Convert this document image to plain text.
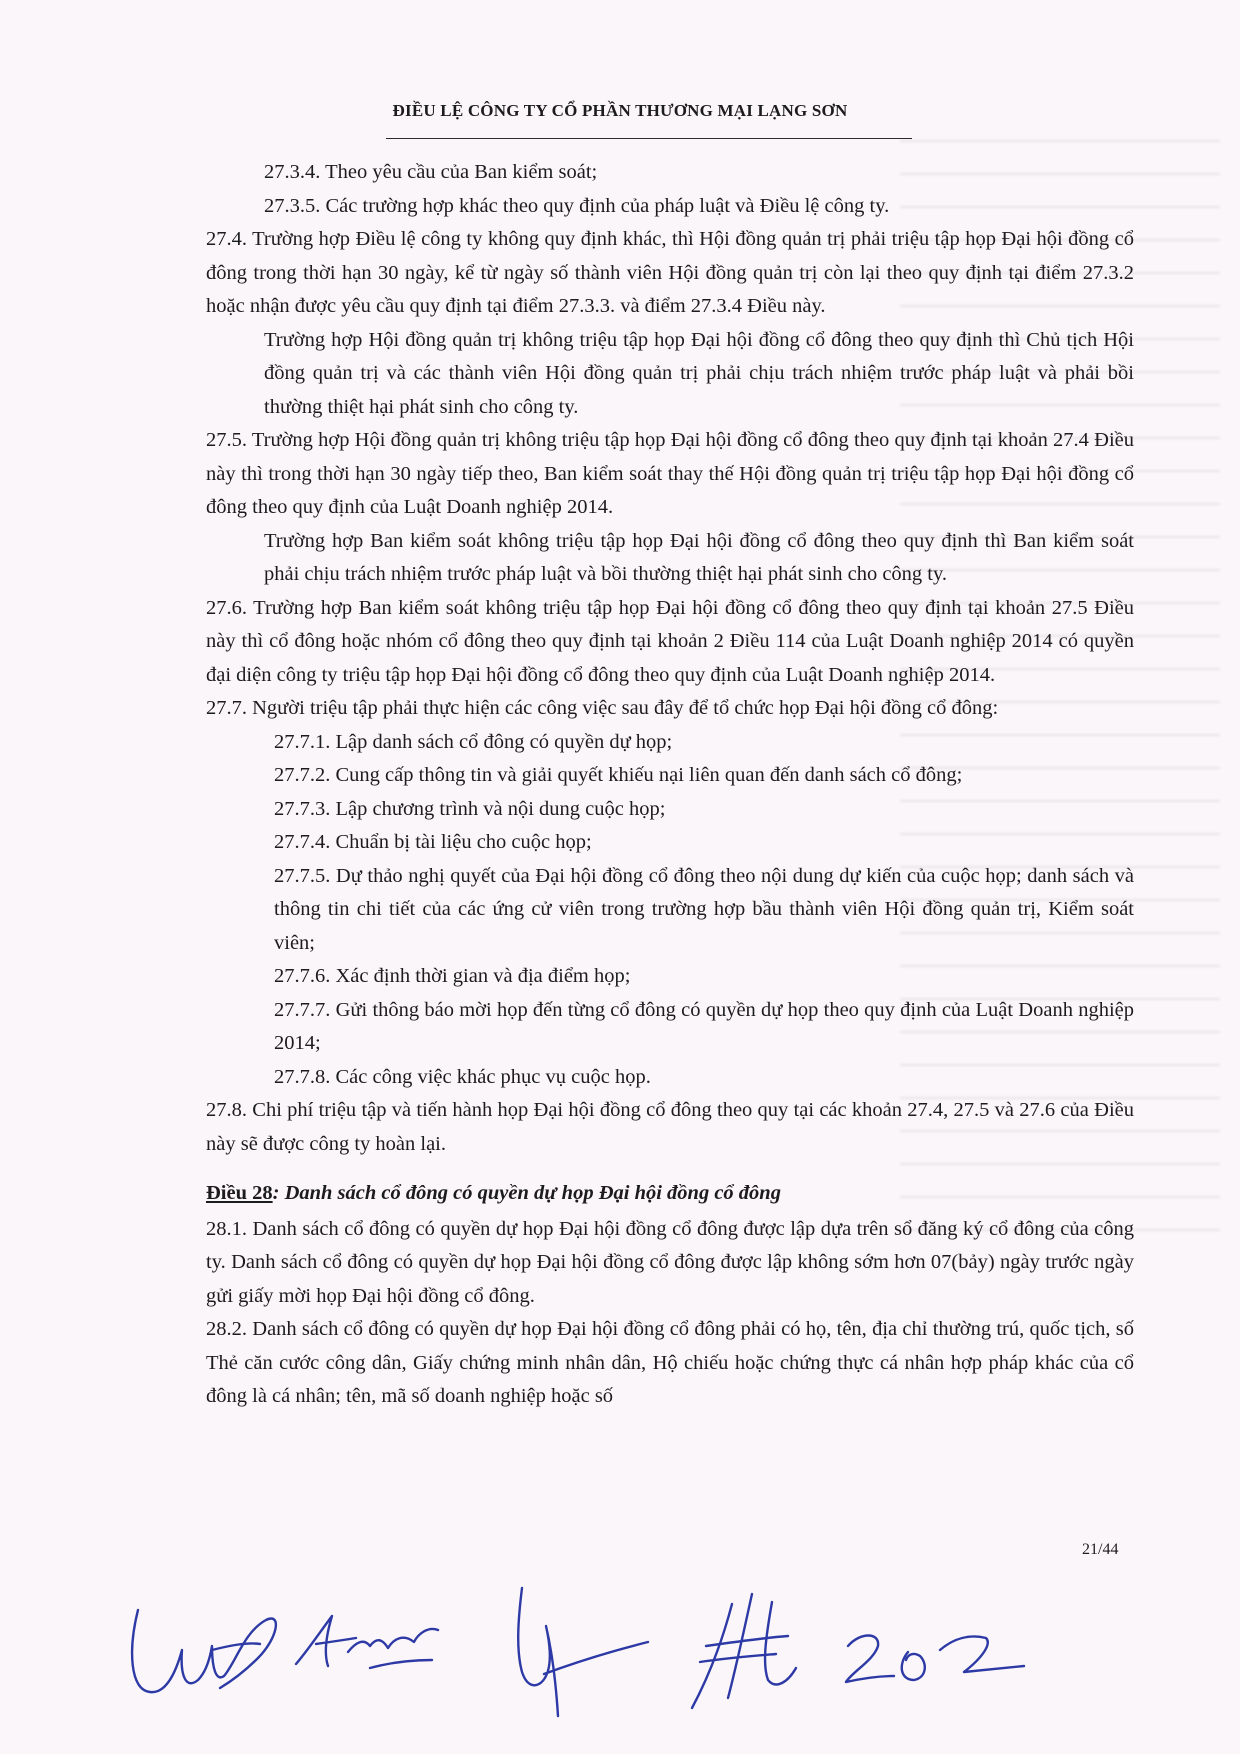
ĐIỀU LỆ CÔNG TY CỔ PHẦN THƯƠNG MẠI LẠNG SƠN

27.3.4. Theo yêu cầu của Ban kiểm soát;

27.3.5. Các trường hợp khác theo quy định của pháp luật và Điều lệ công ty.

27.4. Trường hợp Điều lệ công ty không quy định khác, thì Hội đồng quản trị phải triệu tập họp Đại hội đồng cổ đông trong thời hạn 30 ngày, kể từ ngày số thành viên Hội đồng quản trị còn lại theo quy định tại điểm 27.3.2 hoặc nhận được yêu cầu quy định tại điểm 27.3.3. và điểm 27.3.4 Điều này.

Trường hợp Hội đồng quản trị không triệu tập họp Đại hội đồng cổ đông theo quy định thì Chủ tịch Hội đồng quản trị và các thành viên Hội đồng quản trị phải chịu trách nhiệm trước pháp luật và phải bồi thường thiệt hại phát sinh cho công ty.

27.5. Trường hợp Hội đồng quản trị không triệu tập họp Đại hội đồng cổ đông theo quy định tại khoản 27.4 Điều này thì trong thời hạn 30 ngày tiếp theo, Ban kiểm soát thay thế Hội đồng quản trị triệu tập họp Đại hội đồng cổ đông theo quy định của Luật Doanh nghiệp 2014.

Trường hợp Ban kiểm soát không triệu tập họp Đại hội đồng cổ đông theo quy định thì Ban kiểm soát phải chịu trách nhiệm trước pháp luật và bồi thường thiệt hại phát sinh cho công ty.

27.6. Trường hợp Ban kiểm soát không triệu tập họp Đại hội đồng cổ đông theo quy định tại khoản 27.5 Điều này thì cổ đông hoặc nhóm cổ đông theo quy định tại khoản 2 Điều 114 của Luật Doanh nghiệp 2014 có quyền đại diện công ty triệu tập họp Đại hội đồng cổ đông theo quy định của Luật Doanh nghiệp 2014.

27.7. Người triệu tập phải thực hiện các công việc sau đây để tổ chức họp Đại hội đồng cổ đông:

27.7.1. Lập danh sách cổ đông có quyền dự họp;

27.7.2. Cung cấp thông tin và giải quyết khiếu nại liên quan đến danh sách cổ đông;

27.7.3. Lập chương trình và nội dung cuộc họp;

27.7.4. Chuẩn bị tài liệu cho cuộc họp;

27.7.5. Dự thảo nghị quyết của Đại hội đồng cổ đông theo nội dung dự kiến của cuộc họp; danh sách và thông tin chi tiết của các ứng cử viên trong trường hợp bầu thành viên Hội đồng quản trị, Kiểm soát viên;

27.7.6. Xác định thời gian và địa điểm họp;

27.7.7. Gửi thông báo mời họp đến từng cổ đông có quyền dự họp theo quy định của Luật Doanh nghiệp 2014;

27.7.8. Các công việc khác phục vụ cuộc họp.

27.8. Chi phí triệu tập và tiến hành họp Đại hội đồng cổ đông theo quy tại các khoản 27.4, 27.5 và 27.6 của Điều này sẽ được công ty hoàn lại.

Điều 28: Danh sách cổ đông có quyền dự họp Đại hội đồng cổ đông

28.1. Danh sách cổ đông có quyền dự họp Đại hội đồng cổ đông được lập dựa trên sổ đăng ký cổ đông của công ty. Danh sách cổ đông có quyền dự họp Đại hội đồng cổ đông được lập không sớm hơn 07(bảy) ngày trước ngày gửi giấy mời họp Đại hội đồng cổ đông.

28.2. Danh sách cổ đông có quyền dự họp Đại hội đồng cổ đông phải có họ, tên, địa chỉ thường trú, quốc tịch, số Thẻ căn cước công dân, Giấy chứng minh nhân dân, Hộ chiếu hoặc chứng thực cá nhân hợp pháp khác của cổ đông là cá nhân; tên, mã số doanh nghiệp hoặc số

21/44
